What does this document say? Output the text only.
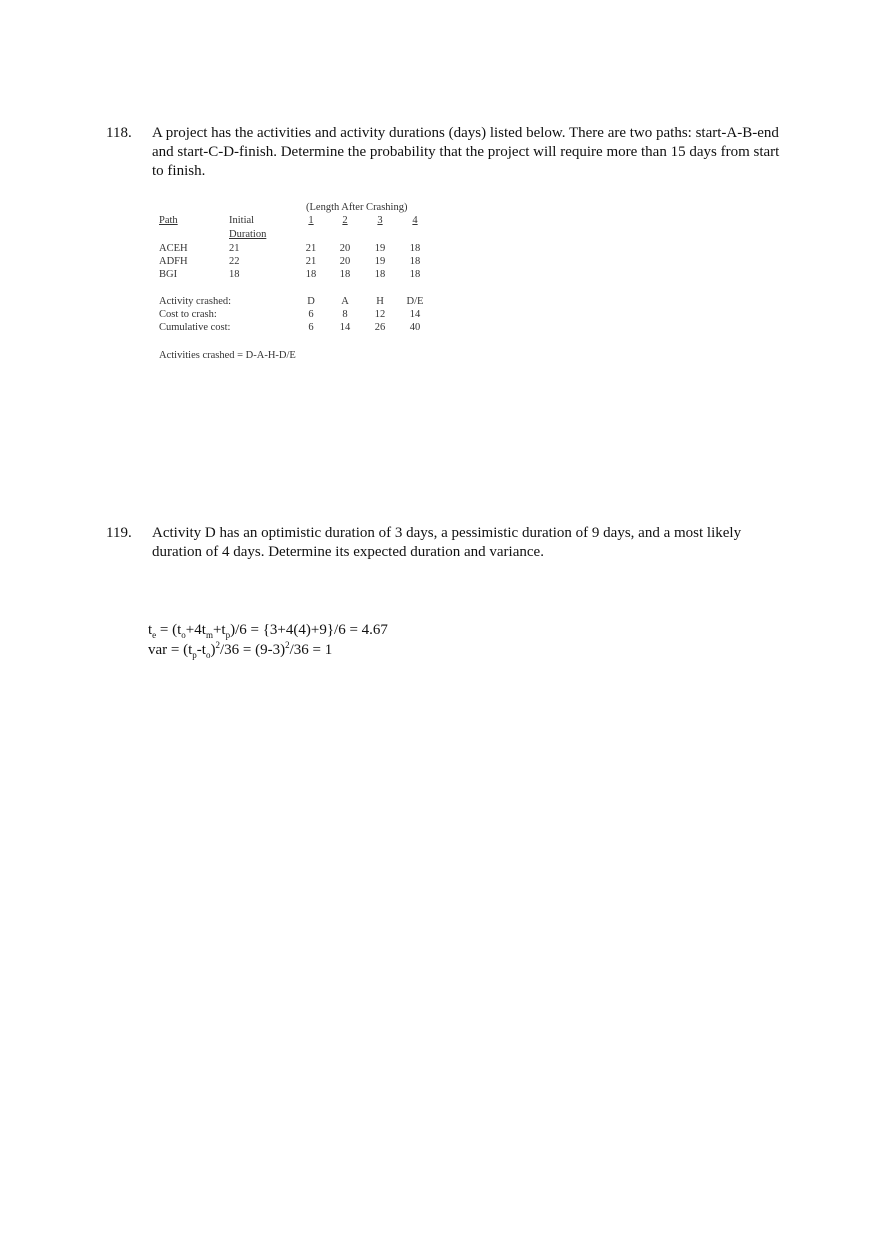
118. A project has the activities and activity durations (days) listed below. There are two paths: start-A-B-end and start-C-D-finish. Determine the probability that the project will require more than 15 days from start to finish.
(Length After Crashing)
Path	Initial
Duration
1	2	3	4
ACEH	21	21	20	19	18
ADFH	22	21	20	19	18
BGI	18	18	18	18	18
Activity crashed:	D	A	H	D/E
Cost to crash:	6	8	12	14
Cumulative cost:	6	14	26	40
Activities crashed = D-A-H-D/E
119. Activity D has an optimistic duration of 3 days, a pessimistic duration of 9 days, and a most likely duration of 4 days. Determine its expected duration and variance.
$t_e = (t_o+4t_m+t_p)/6 = \{3+4(4)+9\}/6 = 4.67$
var = $(t_p-t_o)^2/36 = (9-3)^2/36 = 1$
